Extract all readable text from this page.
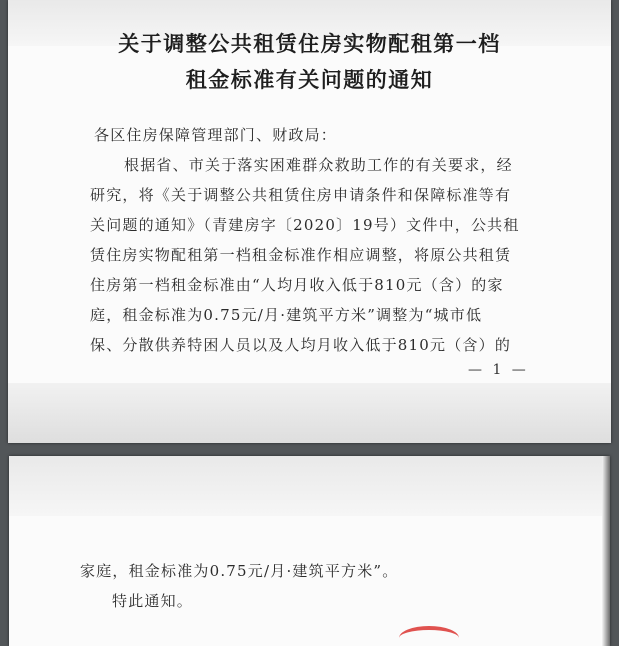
关于调整公共租赁住房实物配租第一档
租金标准有关问题的通知
各区住房保障管理部门、财政局：
根据省、市关于落实困难群众救助工作的有关要求，经
研究，将《关于调整公共租赁住房申请条件和保障标准等有
关问题的通知》（青建房字〔2020〕19号）文件中，公共租
赁住房实物配租第一档租金标准作相应调整，将原公共租赁
住房第一档租金标准由“人均月收入低于810元（含）的家
庭，租金标准为0.75元/月·建筑平方米”调整为“城市低
保、分散供养特困人员以及人均月收入低于810元（含）的
— 1 —
家庭，租金标准为0.75元/月·建筑平方米”。
特此通知。
